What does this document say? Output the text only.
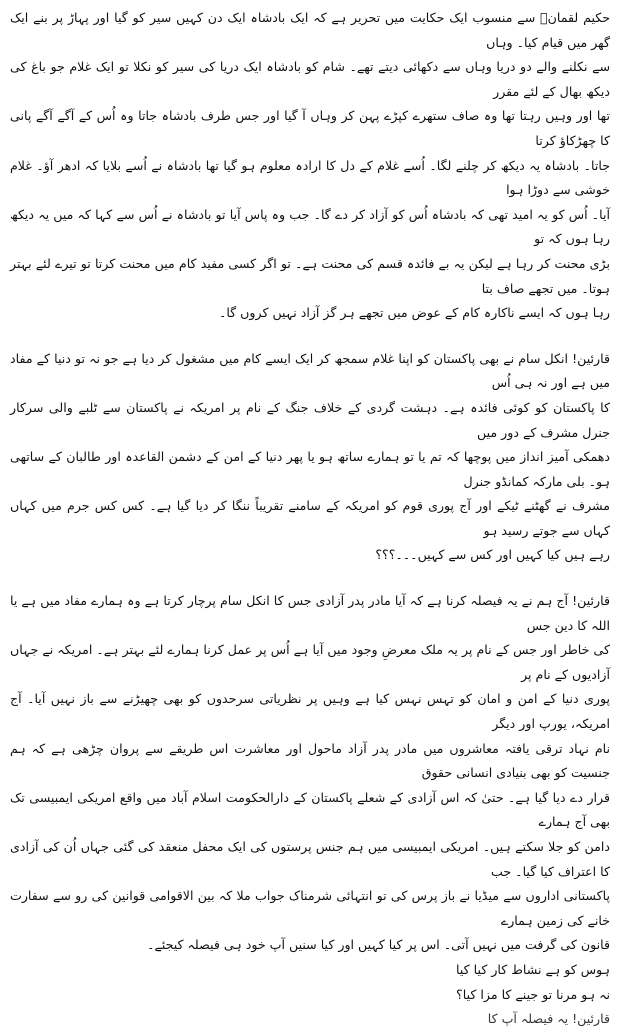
حکیم لقمانؒ سے منسوب ایک حکایت میں تحریر ہے کہ ایک بادشاہ ایک دن کہیں سیر کو گیا اور پہاڑ پر بنے ایک گھر میں قیام کیا۔ وہاں
سے نکلنے والے دو دریا وہاں سے دکھائی دیتے تھے۔ شام کو بادشاہ ایک دریا کی سیر کو نکلا تو ایک غلام جو باغ کی دیکھ بھال کے لئے مقرر
تھا اور وہیں رہتا تھا وہ صاف ستھرے کپڑے پہن کر وہاں آ گیا اور جس طرف بادشاہ جاتا وہ اُس کے آگے آگے پانی کا چھڑکاؤ کرتا
جاتا۔ بادشاہ یہ دیکھ کر چلنے لگا۔ اُسے غلام کے دل کا ارادہ معلوم ہو گیا تھا بادشاہ نے اُسے بلایا کہ ادھر آؤ۔ غلام خوشی سے دوڑا ہوا
آیا۔ اُس کو یہ امید تھی کہ بادشاہ اُس کو آزاد کر دے گا۔ جب وہ پاس آیا تو بادشاہ نے اُس سے کہا کہ میں یہ دیکھ رہا ہوں کہ تو
بڑی محنت کر رہا ہے لیکن یہ بے فائدہ قسم کی محنت ہے۔ تو اگر کسی مفید کام میں محنت کرتا تو تیرے لئے بہتر ہوتا۔ میں تجھے صاف بتا
رہا ہوں کہ ایسے ناکارہ کام کے عوض میں تجھے ہر گز آزاد نہیں کروں گا۔

قارئین! انکل سام نے بھی پاکستان کو اپنا غلام سمجھ کر ایک ایسے کام میں مشغول کر دیا ہے جو نہ تو دنیا کے مفاد میں ہے اور نہ ہی اُس
کا پاکستان کو کوئی فائدہ ہے۔ دہشت گردی کے خلاف جنگ کے نام پر امریکہ نے پاکستان سے ٹلبے والی سرکار جنرل مشرف کے دور میں
دھمکی آمیز انداز میں پوچھا کہ تم یا تو ہمارے ساتھ ہو یا پھر دنیا کے امن کے دشمن القاعدہ اور طالبان کے ساتھی ہو۔ بلی مارکہ کمانڈو جنرل
مشرف نے گھٹنے ٹیکے اور آج پوری قوم کو امریکہ کے سامنے تقریباً ننگا کر دیا گیا ہے۔ کس کس جرم میں کہاں کہاں سے جوتے رسید ہو
رہے ہیں کیا کہیں اور کس سے کہیں۔۔۔؟؟؟

قارئین! آج ہم نے یہ فیصلہ کرنا ہے کہ آیا مادر پدر آزادی جس کا انکل سام پرچار کرتا ہے وہ ہمارے مفاد میں ہے یا اللہ کا دین جس
کی خاطر اور جس کے نام پر یہ ملک معرضِ وجود میں آیا ہے اُس پر عمل کرنا ہمارے لئے بہتر ہے۔ امریکہ نے جہاں آزادیوں کے نام پر
پوری دنیا کے امن و امان کو تہس نہس کیا ہے وہیں پر نظریاتی سرحدوں کو بھی چھیڑنے سے باز نہیں آیا۔ آج امریکہ، یورپ اور دیگر
نام نہاد ترقی یافتہ معاشروں میں مادر پدر آزاد ماحول اور معاشرت اس طریقے سے پروان چڑھی ہے کہ ہم جنسیت کو بھی بنیادی انسانی حقوق
قرار دے دیا گیا ہے۔ حتیٰ کہ اس آزادی کے شعلے پاکستان کے دارالحکومت اسلام آباد میں واقع امریکی ایمبیسی تک بھی آج ہمارے
دامن کو جلا سکتے ہیں۔ امریکی ایمبیسی میں ہم جنس پرستوں کی ایک محفل منعقد کی گئی جہاں اُن کی آزادی کا اعتراف کیا گیا۔ جب
پاکستانی اداروں سے میڈیا نے باز پرس کی تو انتہائی شرمناک جواب ملا کہ بین الاقوامی قوانین کی رو سے سفارت خانے کی زمین ہمارے
قانون کی گرفت میں نہیں آتی۔ اس پر کیا کہیں اور کیا سنیں آپ خود ہی فیصلہ کیجئے۔

ہوس کو ہے نشاط کار کیا کیا
نہ ہو مرنا تو جینے کا مزا کیا؟
قارئین! یہ فیصلہ آپ کا
